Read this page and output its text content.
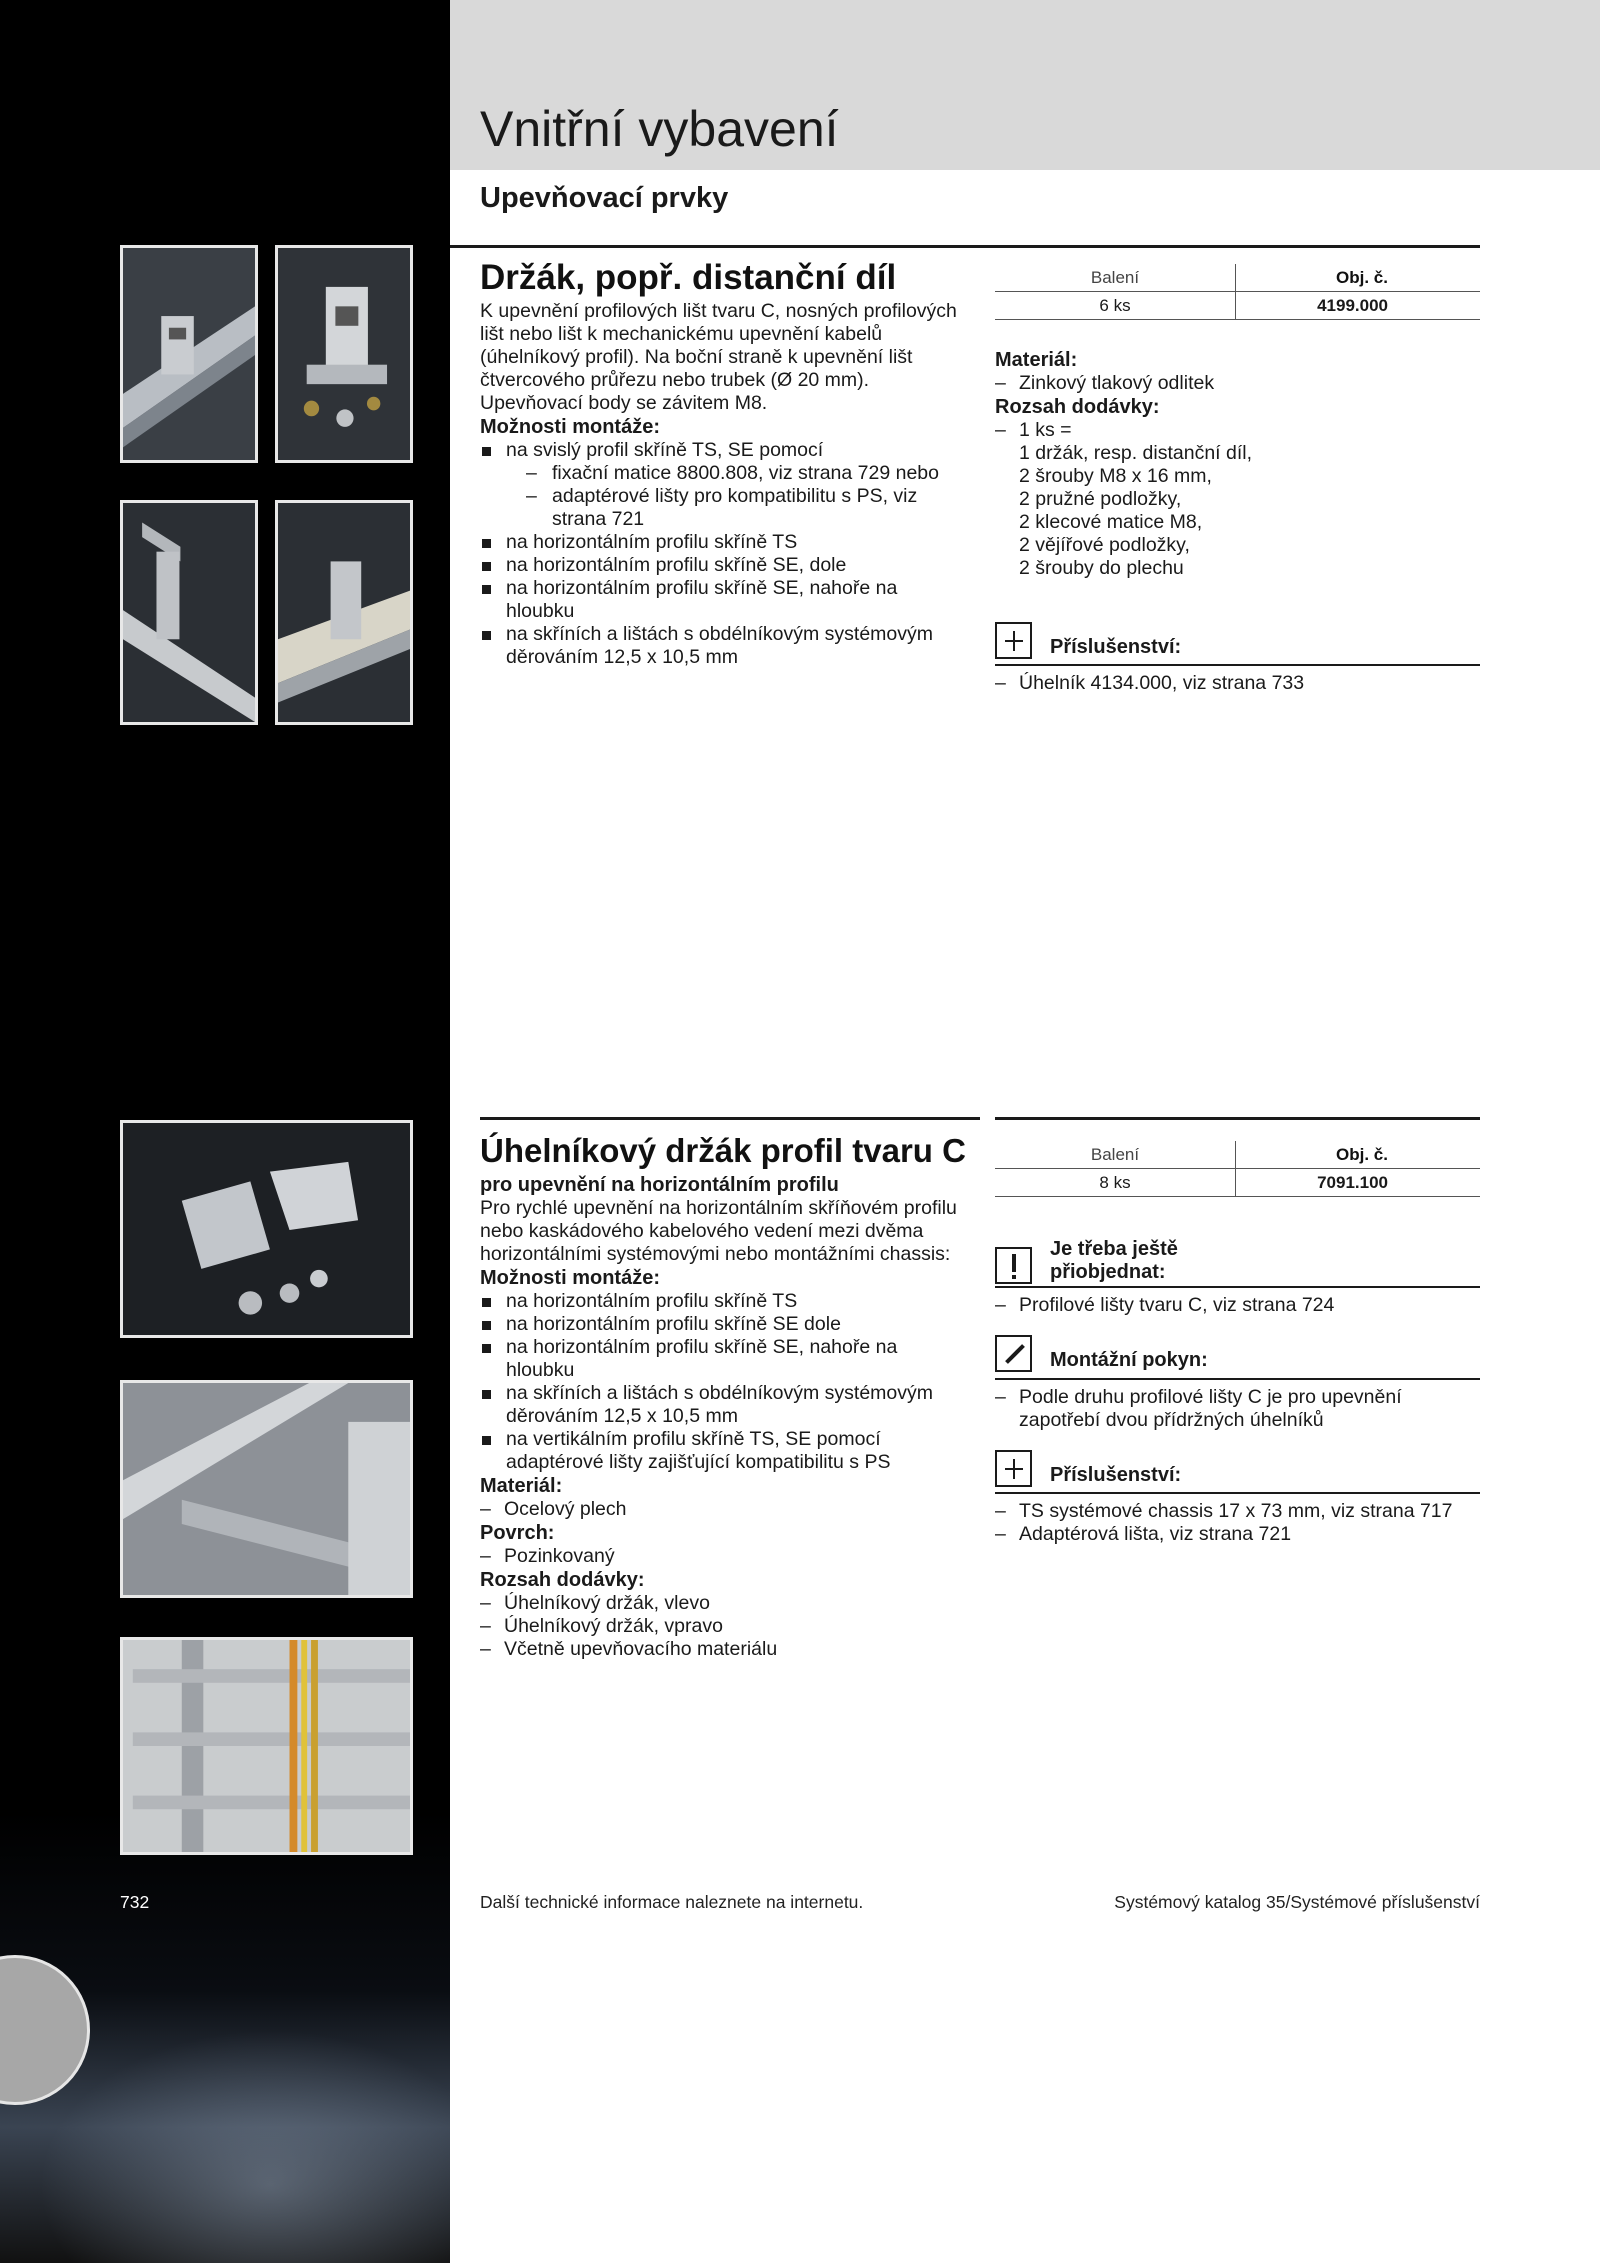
Vnitřní vybavení
Upevňovací prvky
Držák, popř. distanční díl

K upevnění profilových lišt tvaru C, nosných profilových lišt nebo lišt k mechanickému upevnění kabelů (úhelníkový profil). Na boční straně k upevnění lišt čtvercového průřezu nebo trubek (Ø 20 mm). Upevňovací body se závitem M8.

Možnosti montáže:

na svislý profil skříně TS, SE pomocí
– fixační matice 8800.808, viz strana 729 nebo
– adaptérové lišty pro kompatibilitu s PS, viz strana 721
na horizontálním profilu skříně TS
na horizontálním profilu skříně SE, dole
na horizontálním profilu skříně SE, nahoře na hloubku
na skříních a lištách s obdélníkovým systémovým děrováním 12,5 x 10,5 mm
Balení	Obj. č.
6 ks	4199.000

Materiál:

– Zinkový tlakový odlitek

Rozsah dodávky:

– 1 ks =
1 držák, resp. distanční díl,
2 šrouby M8 x 16 mm,
2 pružné podložky,
2 klecové matice M8,
2 vějířové podložky,
2 šrouby do plechu
Příslušenství:
– Úhelník 4134.000, viz strana 733
Úhelníkový držák profil tvaru C

pro upevnění na horizontálním profilu

Pro rychlé upevnění na horizontálním skříňovém profilu nebo kaskádového kabelového vedení mezi dvěma horizontálními systémovými nebo montážními chassis:

Možnosti montáže:

na horizontálním profilu skříně TS
na horizontálním profilu skříně SE dole
na horizontálním profilu skříně SE, nahoře na hloubku
na skříních a lištách s obdélníkovým systémovým děrováním 12,5 x 10,5 mm
na vertikálním profilu skříně TS, SE pomocí adaptérové lišty zajišťující kompatibilitu s PS

Materiál:

– Ocelový plech

Povrch:

– Pozinkovaný

Rozsah dodávky:

– Úhelníkový držák, vlevo
– Úhelníkový držák, vpravo
– Včetně upevňovacího materiálu
Balení	Obj. č.
8 ks	7091.100
Je třeba ještě přiobjednat:
– Profilové lišty tvaru C, viz strana 724
Montážní pokyn:
– Podle druhu profilové lišty C je pro upevnění zapotřebí dvou přídržných úhelníků
Příslušenství:
– TS systémové chassis 17 x 73 mm, viz strana 717
– Adaptérová lišta, viz strana 721
732	Další technické informace naleznete na internetu.	Systémový katalog 35/Systémové příslušenství
